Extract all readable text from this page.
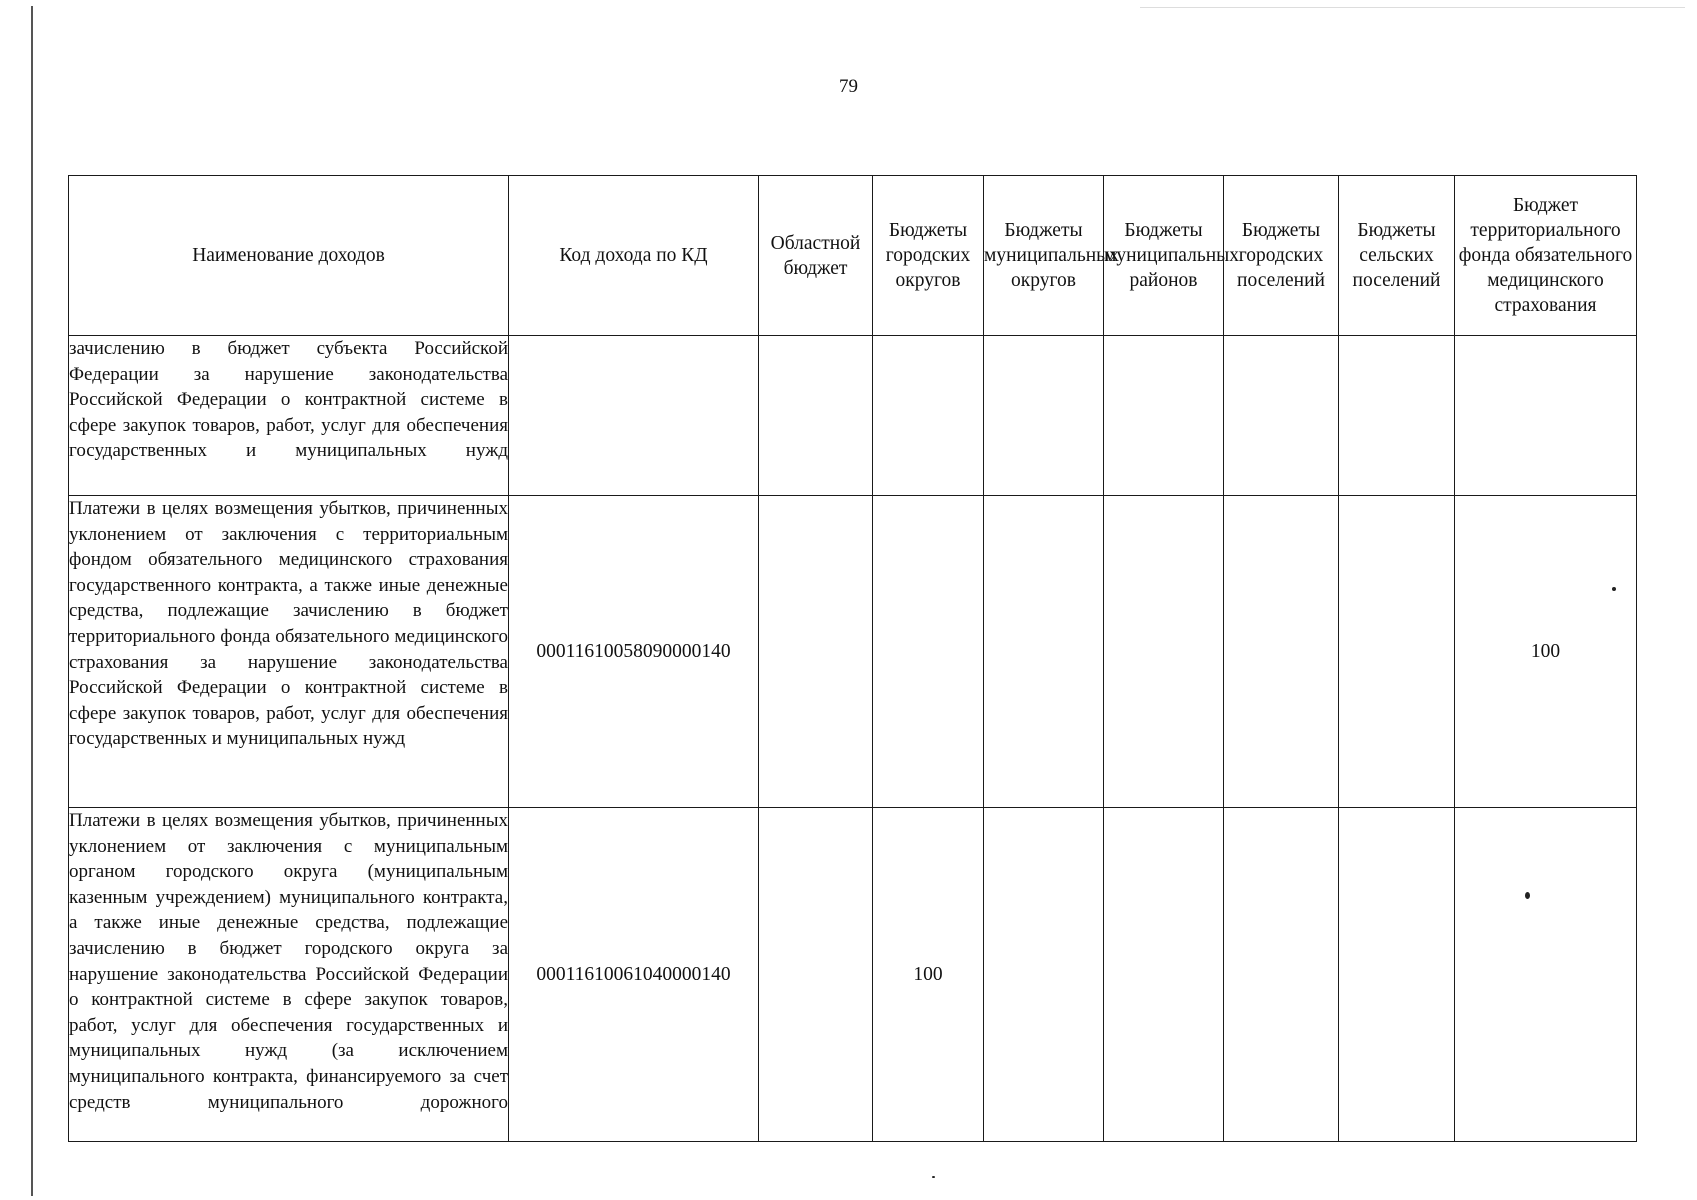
79
Наименование доходов	Код дохода по КД	Областной бюджет	Бюджеты городских округов	Бюджеты муниципальных округов	Бюджеты муниципальных районов	Бюджеты городских поселений	Бюджеты сельских поселений	Бюджет территориального фонда обязательного медицинского страхования
зачислению в бюджет субъекта Российской Федерации за нарушение законодательства Российской Федерации о контрактной системе в сфере закупок товаров, работ, услуг для обеспечения государственных и муниципальных нужд								
Платежи в целях возмещения убытков, причиненных уклонением от заключения с территориальным фондом обязательного медицинского страхования государственного контракта, а также иные денежные средства, подлежащие зачислению в бюджет территориального фонда обязательного медицинского страхования за нарушение законодательства Российской Федерации о контрактной системе в сфере закупок товаров, работ, услуг для обеспечения государственных и муниципальных нужд	00011610058090000140							100
Платежи в целях возмещения убытков, причиненных уклонением от заключения с муниципальным органом городского округа (муниципальным казенным учреждением) муниципального контракта, а также иные денежные средства, подлежащие зачислению в бюджет городского округа за нарушение законодательства Российской Федерации о контрактной системе в сфере закупок товаров, работ, услуг для обеспечения государственных и муниципальных нужд (за исключением муниципального контракта, финансируемого за счет средств муниципального дорожного	00011610061040000140		100					
